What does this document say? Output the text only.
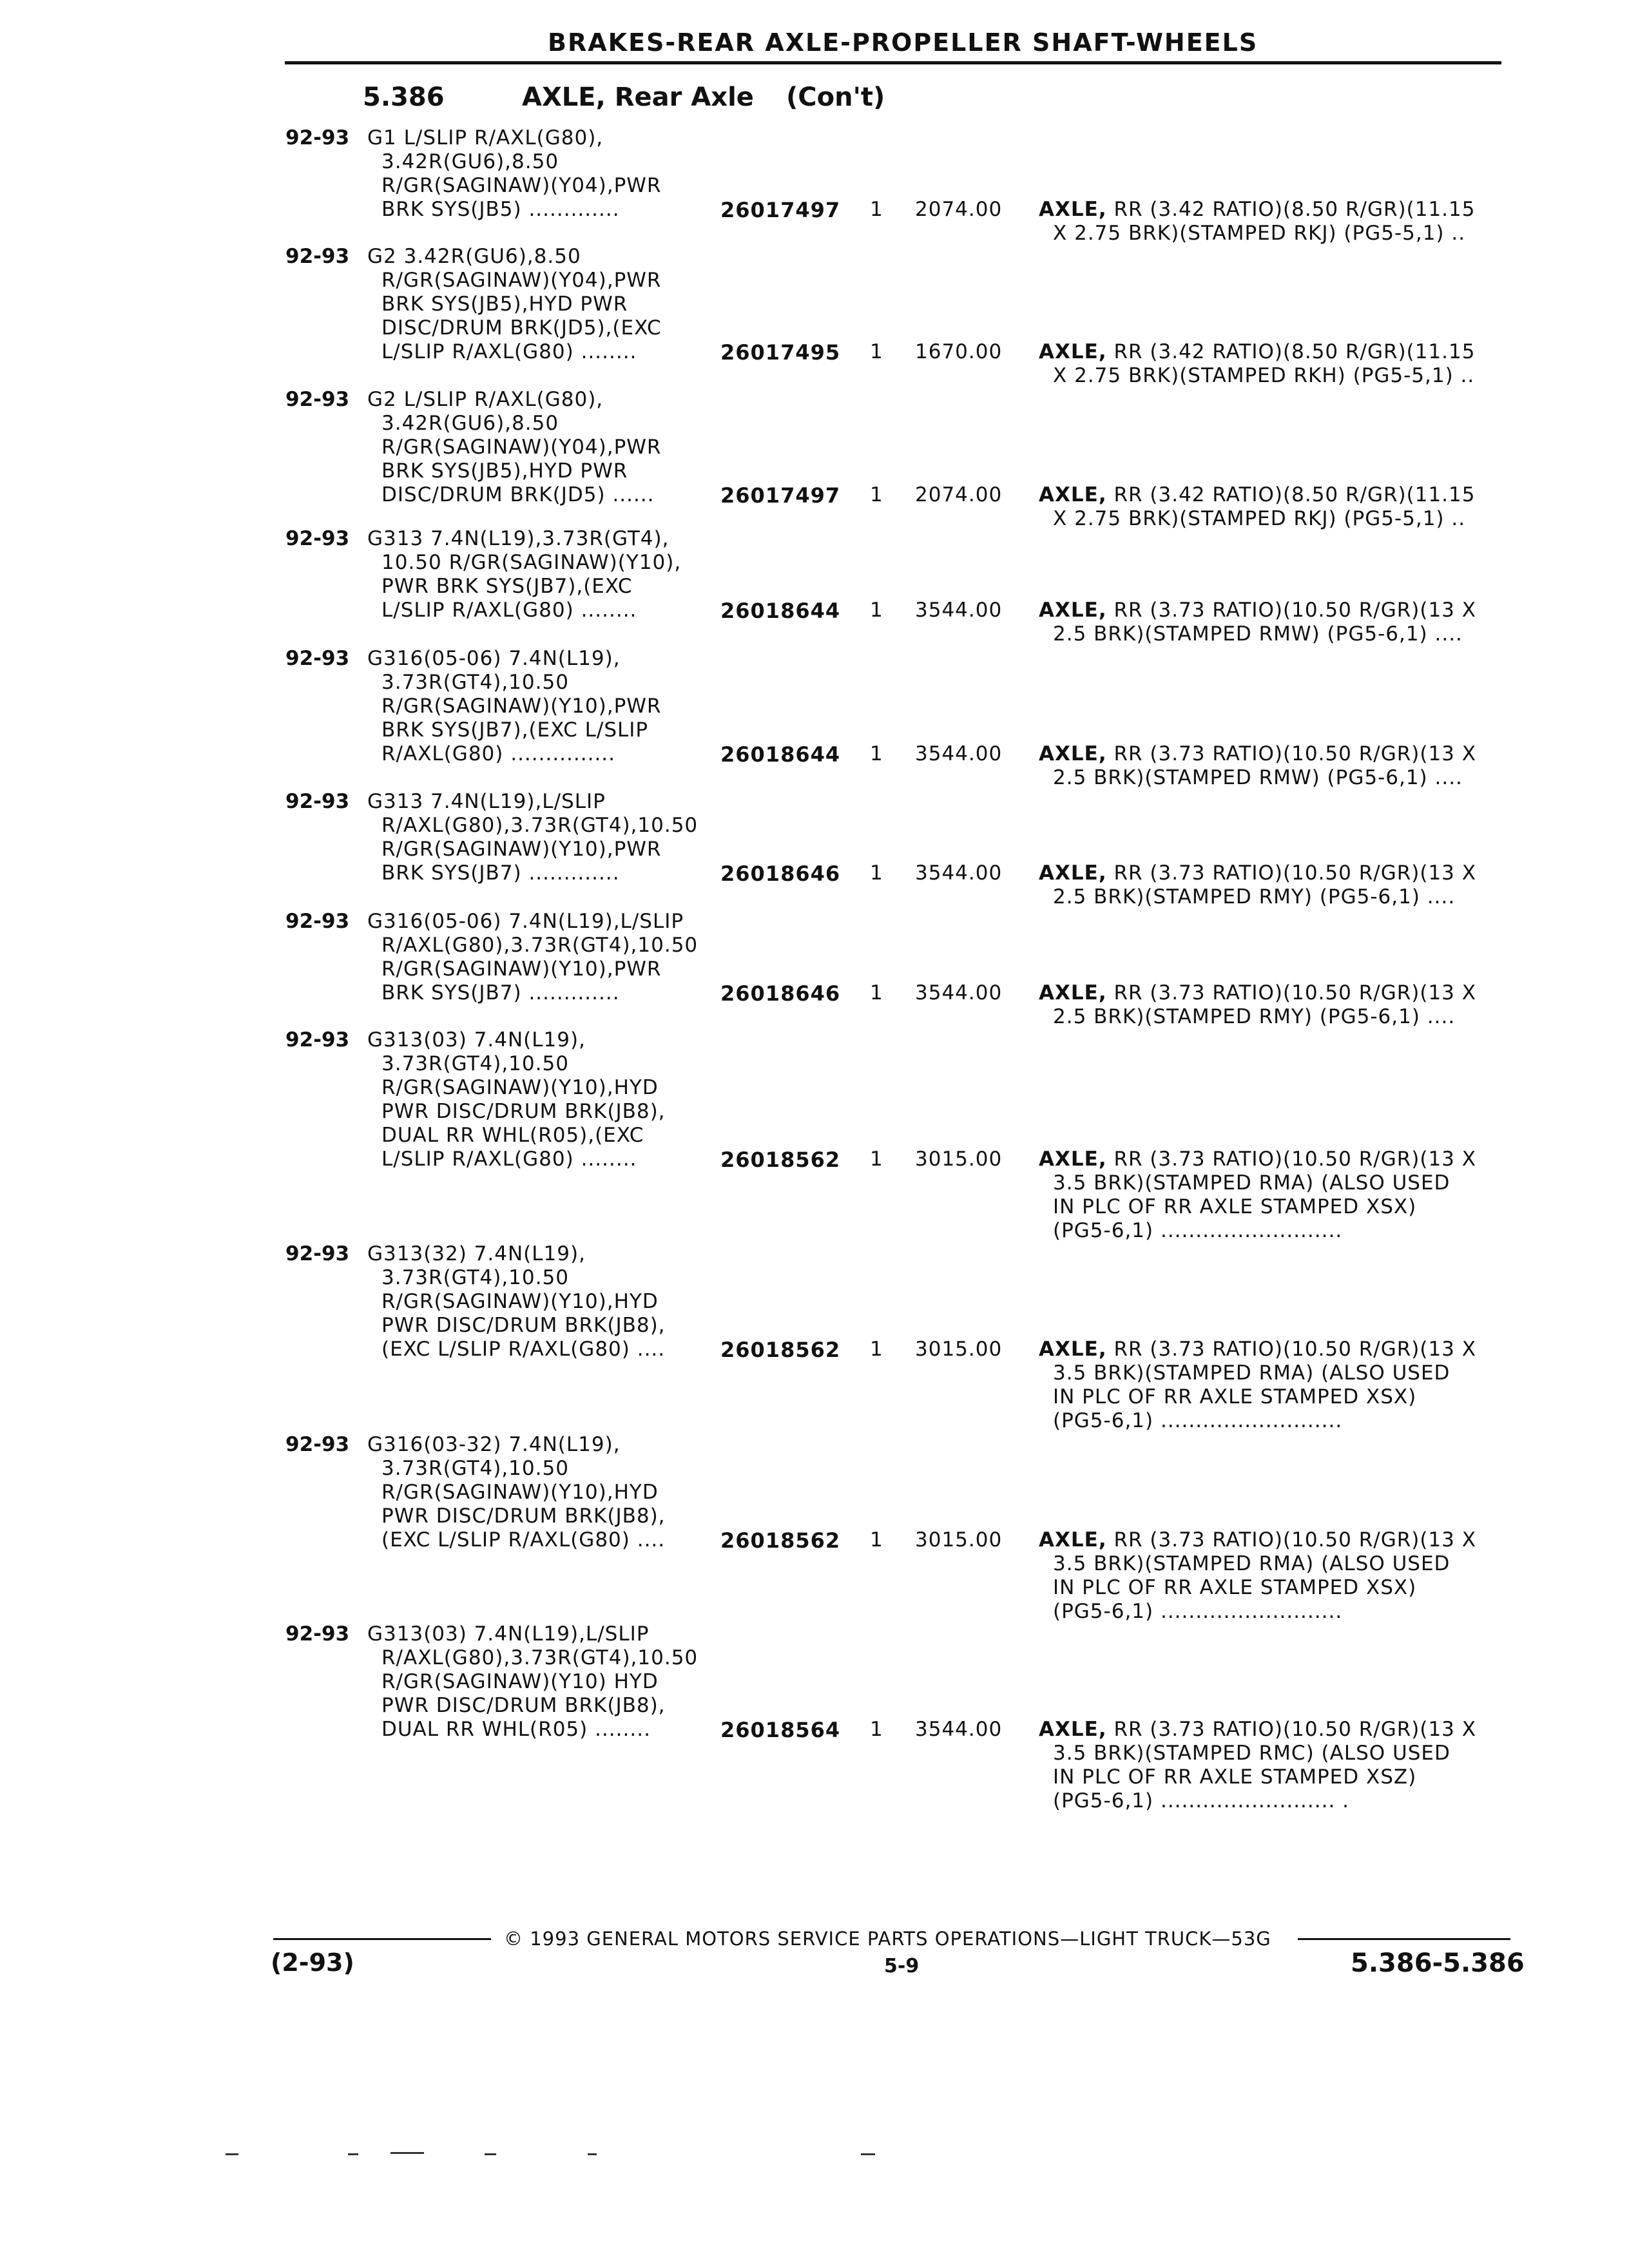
BRAKES-REAR AXLE-PROPELLER SHAFT-WHEELS
5.386	AXLE, Rear Axle (Con't)
92-93 G1 L/SLIP R/AXL(G80),
3.42R(GU6),8.50
R/GR(SAGINAW)(Y04),PWR
BRK SYS(JB5) .............	26017497 1 2074.00 AXLE, RR (3.42 RATIO)(8.50 R/GR)(11.15
X 2.75 BRK)(STAMPED RKJ) (PG5-5,1) ..
92-93 G2 3.42R(GU6),8.50
R/GR(SAGINAW)(Y04),PWR
BRK SYS(JB5),HYD PWR
DISC/DRUM BRK(JD5),(EXC
L/SLIP R/AXL(G80) ........	26017495 1 1670.00 AXLE, RR (3.42 RATIO)(8.50 R/GR)(11.15
X 2.75 BRK)(STAMPED RKH) (PG5-5,1) ..
92-93 G2 L/SLIP R/AXL(G80),
3.42R(GU6),8.50
R/GR(SAGINAW)(Y04),PWR
BRK SYS(JB5),HYD PWR
DISC/DRUM BRK(JD5) ......	26017497 1 2074.00 AXLE, RR (3.42 RATIO)(8.50 R/GR)(11.15
X 2.75 BRK)(STAMPED RKJ) (PG5-5,1) ..
92-93 G313 7.4N(L19),3.73R(GT4),
10.50 R/GR(SAGINAW)(Y10),
PWR BRK SYS(JB7),(EXC
L/SLIP R/AXL(G80) ........	26018644 1 3544.00 AXLE, RR (3.73 RATIO)(10.50 R/GR)(13 X
2.5 BRK)(STAMPED RMW) (PG5-6,1) ....
92-93 G316(05-06) 7.4N(L19),
3.73R(GT4),10.50
R/GR(SAGINAW)(Y10),PWR
BRK SYS(JB7),(EXC L/SLIP
R/AXL(G80) ...............	26018644 1 3544.00 AXLE, RR (3.73 RATIO)(10.50 R/GR)(13 X
2.5 BRK)(STAMPED RMW) (PG5-6,1) ....
92-93 G313 7.4N(L19),L/SLIP
R/AXL(G80),3.73R(GT4),10.50
R/GR(SAGINAW)(Y10),PWR
BRK SYS(JB7) .............	26018646 1 3544.00 AXLE, RR (3.73 RATIO)(10.50 R/GR)(13 X
2.5 BRK)(STAMPED RMY) (PG5-6,1) ....
92-93 G316(05-06) 7.4N(L19),L/SLIP
R/AXL(G80),3.73R(GT4),10.50
R/GR(SAGINAW)(Y10),PWR
BRK SYS(JB7) .............	26018646 1 3544.00 AXLE, RR (3.73 RATIO)(10.50 R/GR)(13 X
2.5 BRK)(STAMPED RMY) (PG5-6,1) ....
92-93 G313(03) 7.4N(L19),
3.73R(GT4),10.50
R/GR(SAGINAW)(Y10),HYD
PWR DISC/DRUM BRK(JB8),
DUAL RR WHL(R05),(EXC
L/SLIP R/AXL(G80) ........	26018562 1 3015.00 AXLE, RR (3.73 RATIO)(10.50 R/GR)(13 X
3.5 BRK)(STAMPED RMA) (ALSO USED
IN PLC OF RR AXLE STAMPED XSX)
(PG5-6,1) ..........................
92-93 G313(32) 7.4N(L19),
3.73R(GT4),10.50
R/GR(SAGINAW)(Y10),HYD
PWR DISC/DRUM BRK(JB8),
(EXC L/SLIP R/AXL(G80) ....	26018562 1 3015.00 AXLE, RR (3.73 RATIO)(10.50 R/GR)(13 X
3.5 BRK)(STAMPED RMA) (ALSO USED
IN PLC OF RR AXLE STAMPED XSX)
(PG5-6,1) ..........................
92-93 G316(03-32) 7.4N(L19),
3.73R(GT4),10.50
R/GR(SAGINAW)(Y10),HYD
PWR DISC/DRUM BRK(JB8),
(EXC L/SLIP R/AXL(G80) ....	26018562 1 3015.00 AXLE, RR (3.73 RATIO)(10.50 R/GR)(13 X
3.5 BRK)(STAMPED RMA) (ALSO USED
IN PLC OF RR AXLE STAMPED XSX)
(PG5-6,1) ..........................
92-93 G313(03) 7.4N(L19),L/SLIP
R/AXL(G80),3.73R(GT4),10.50
R/GR(SAGINAW)(Y10) HYD
PWR DISC/DRUM BRK(JB8),
DUAL RR WHL(R05) ........	26018564 1 3544.00 AXLE, RR (3.73 RATIO)(10.50 R/GR)(13 X
3.5 BRK)(STAMPED RMC) (ALSO USED
IN PLC OF RR AXLE STAMPED XSZ)
(PG5-6,1) ......................... .
© 1993 GENERAL MOTORS SERVICE PARTS OPERATIONS—LIGHT TRUCK—53G
(2-93)	5-9	5.386-5.386
